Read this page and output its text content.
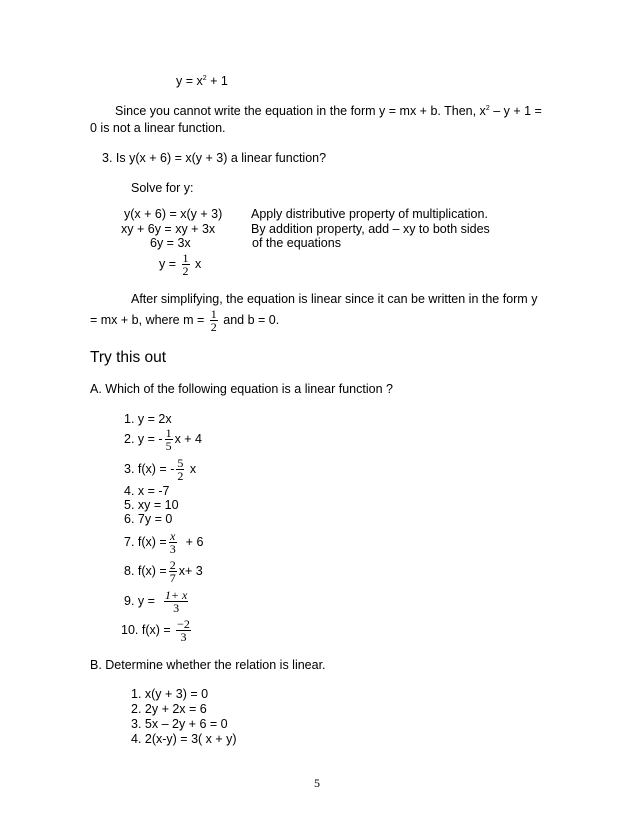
$y = x^2 + 1$
Since you cannot write the equation in the form y = mx + b. Then, $x^2 - y + 1$ =
0 is not a linear function.
3. Is y(x + 6) = x(y + 3) a linear function?
Solve for y:
y(x + 6) = x(y + 3) Apply distributive property of multiplication.
xy + 6y = xy + 3x	By addition property, add – xy to both sides
6y = 3x	of the equations
$y = \frac{1}{2}$ x
After simplifying, the equation is linear since it can be written in the form y
= mx + b, where $m = \frac{1}{2}$ and b = 0.
Try this out
A. Which of the following equation is a linear function ?
1. y = 2x
2. y = - $\frac{1}{5}$ x + 4
3. f(x) = - $\frac{5}{2}$ x
4. x = -7
5. xy = 10
6. 7y = 0
7. $f(x) = \frac{x}{3} + 6$
8. $f(x) = \frac{2}{7} x+ 3$
9. $y = \frac{1+ x}{3}$
10. $f(x) = \frac{-2}{3}$
B. Determine whether the relation is linear.
1. x(y + 3) = 0
2. 2y + 2x = 6
3. 5x – 2y + 6 = 0
4. 2(x-y) = 3( x + y)
5
